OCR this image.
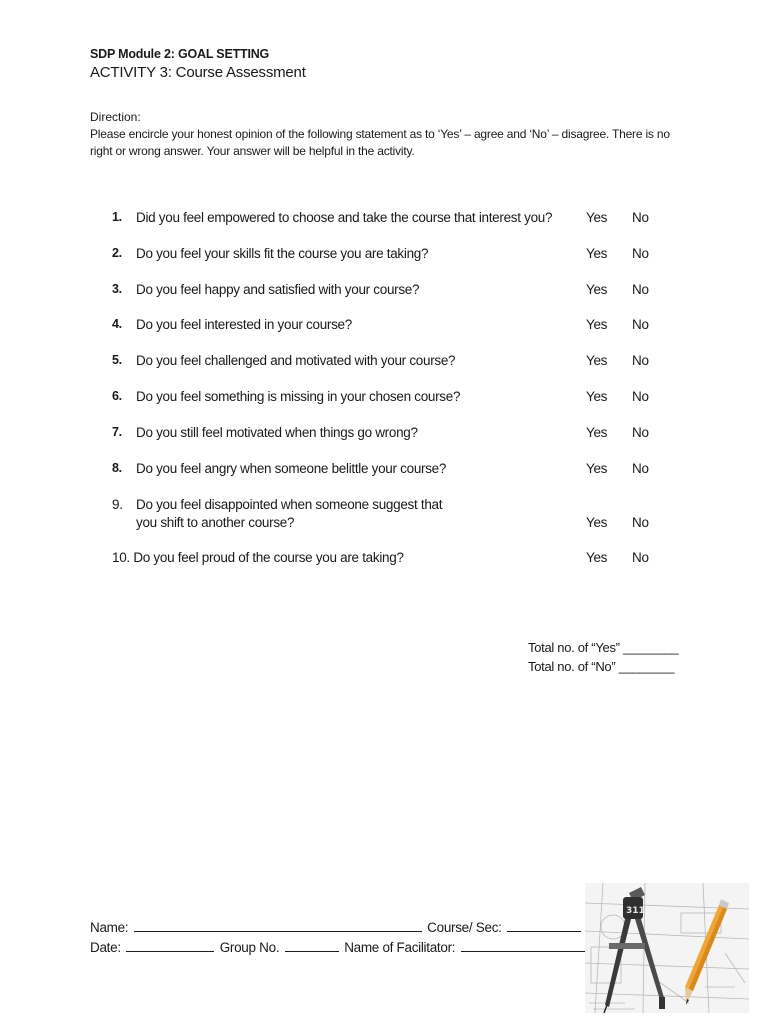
SDP Module 2: GOAL SETTING
ACTIVITY 3: Course Assessment
Direction:
Please encircle your honest opinion of the following statement as to ‘Yes’ – agree and ‘No’ – disagree. There is no right or wrong answer. Your answer will be helpful in the activity.
1. Did you feel empowered to choose and take the course that interest you?	Yes No
2. Do you feel your skills fit the course you are taking?	Yes No
3. Do you feel happy and satisfied with your course?	Yes No
4. Do you feel interested in your course?	Yes No
5. Do you feel challenged and motivated with your course?	Yes No
6. Do you feel something is missing in your chosen course?	Yes No
7. Do you still feel motivated when things go wrong?	Yes No
8. Do you feel angry when someone belittle your course?	Yes No
9. Do you feel disappointed when someone suggest that
you shift to another course?	Yes No
10. Do you feel proud of the course you are taking?	Yes No
Total no. of “Yes” ________
Total no. of “No” ________
Name:	Course/ Sec:
Date:	Group No.	Name of Facilitator:
311
